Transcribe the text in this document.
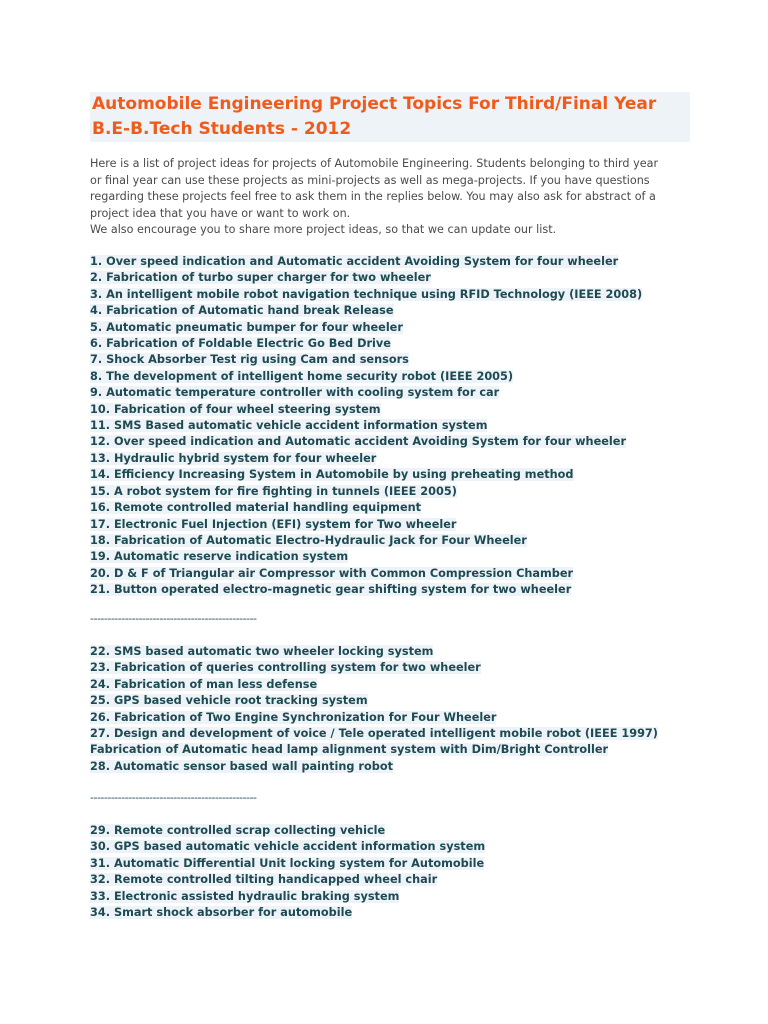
Automobile Engineering Project Topics For Third/Final Year
B.E-B.Tech Students - 2012
Here is a list of project ideas for projects of Automobile Engineering. Students belonging to third year
or final year can use these projects as mini-projects as well as mega-projects. If you have questions
regarding these projects feel free to ask them in the replies below. You may also ask for abstract of a
project idea that you have or want to work on.
We also encourage you to share more project ideas, so that we can update our list.
1. Over speed indication and Automatic accident Avoiding System for four wheeler
2. Fabrication of turbo super charger for two wheeler
3. An intelligent mobile robot navigation technique using RFID Technology (IEEE 2008)
4. Fabrication of Automatic hand break Release
5. Automatic pneumatic bumper for four wheeler
6. Fabrication of Foldable Electric Go Bed Drive
7. Shock Absorber Test rig using Cam and sensors
8. The development of intelligent home security robot (IEEE 2005)
9. Automatic temperature controller with cooling system for car
10. Fabrication of four wheel steering system
11. SMS Based automatic vehicle accident information system
12. Over speed indication and Automatic accident Avoiding System for four wheeler
13. Hydraulic hybrid system for four wheeler
14. Efficiency Increasing System in Automobile by using preheating method
15. A robot system for fire fighting in tunnels (IEEE 2005)
16. Remote controlled material handling equipment
17. Electronic Fuel Injection (EFI) system for Two wheeler
18. Fabrication of Automatic Electro-Hydraulic Jack for Four Wheeler
19. Automatic reserve indication system
20. D & F of Triangular air Compressor with Common Compression Chamber
21. Button operated electro-magnetic gear shifting system for two wheeler
------------------------------------------------
22. SMS based automatic two wheeler locking system
23. Fabrication of queries controlling system for two wheeler
24. Fabrication of man less defense
25. GPS based vehicle root tracking system
26. Fabrication of Two Engine Synchronization for Four Wheeler
27. Design and development of voice / Tele operated intelligent mobile robot (IEEE 1997)
Fabrication of Automatic head lamp alignment system with Dim/Bright Controller
28. Automatic sensor based wall painting robot
------------------------------------------------
29. Remote controlled scrap collecting vehicle
30. GPS based automatic vehicle accident information system
31. Automatic Differential Unit locking system for Automobile
32. Remote controlled tilting handicapped wheel chair
33. Electronic assisted hydraulic braking system
34. Smart shock absorber for automobile
